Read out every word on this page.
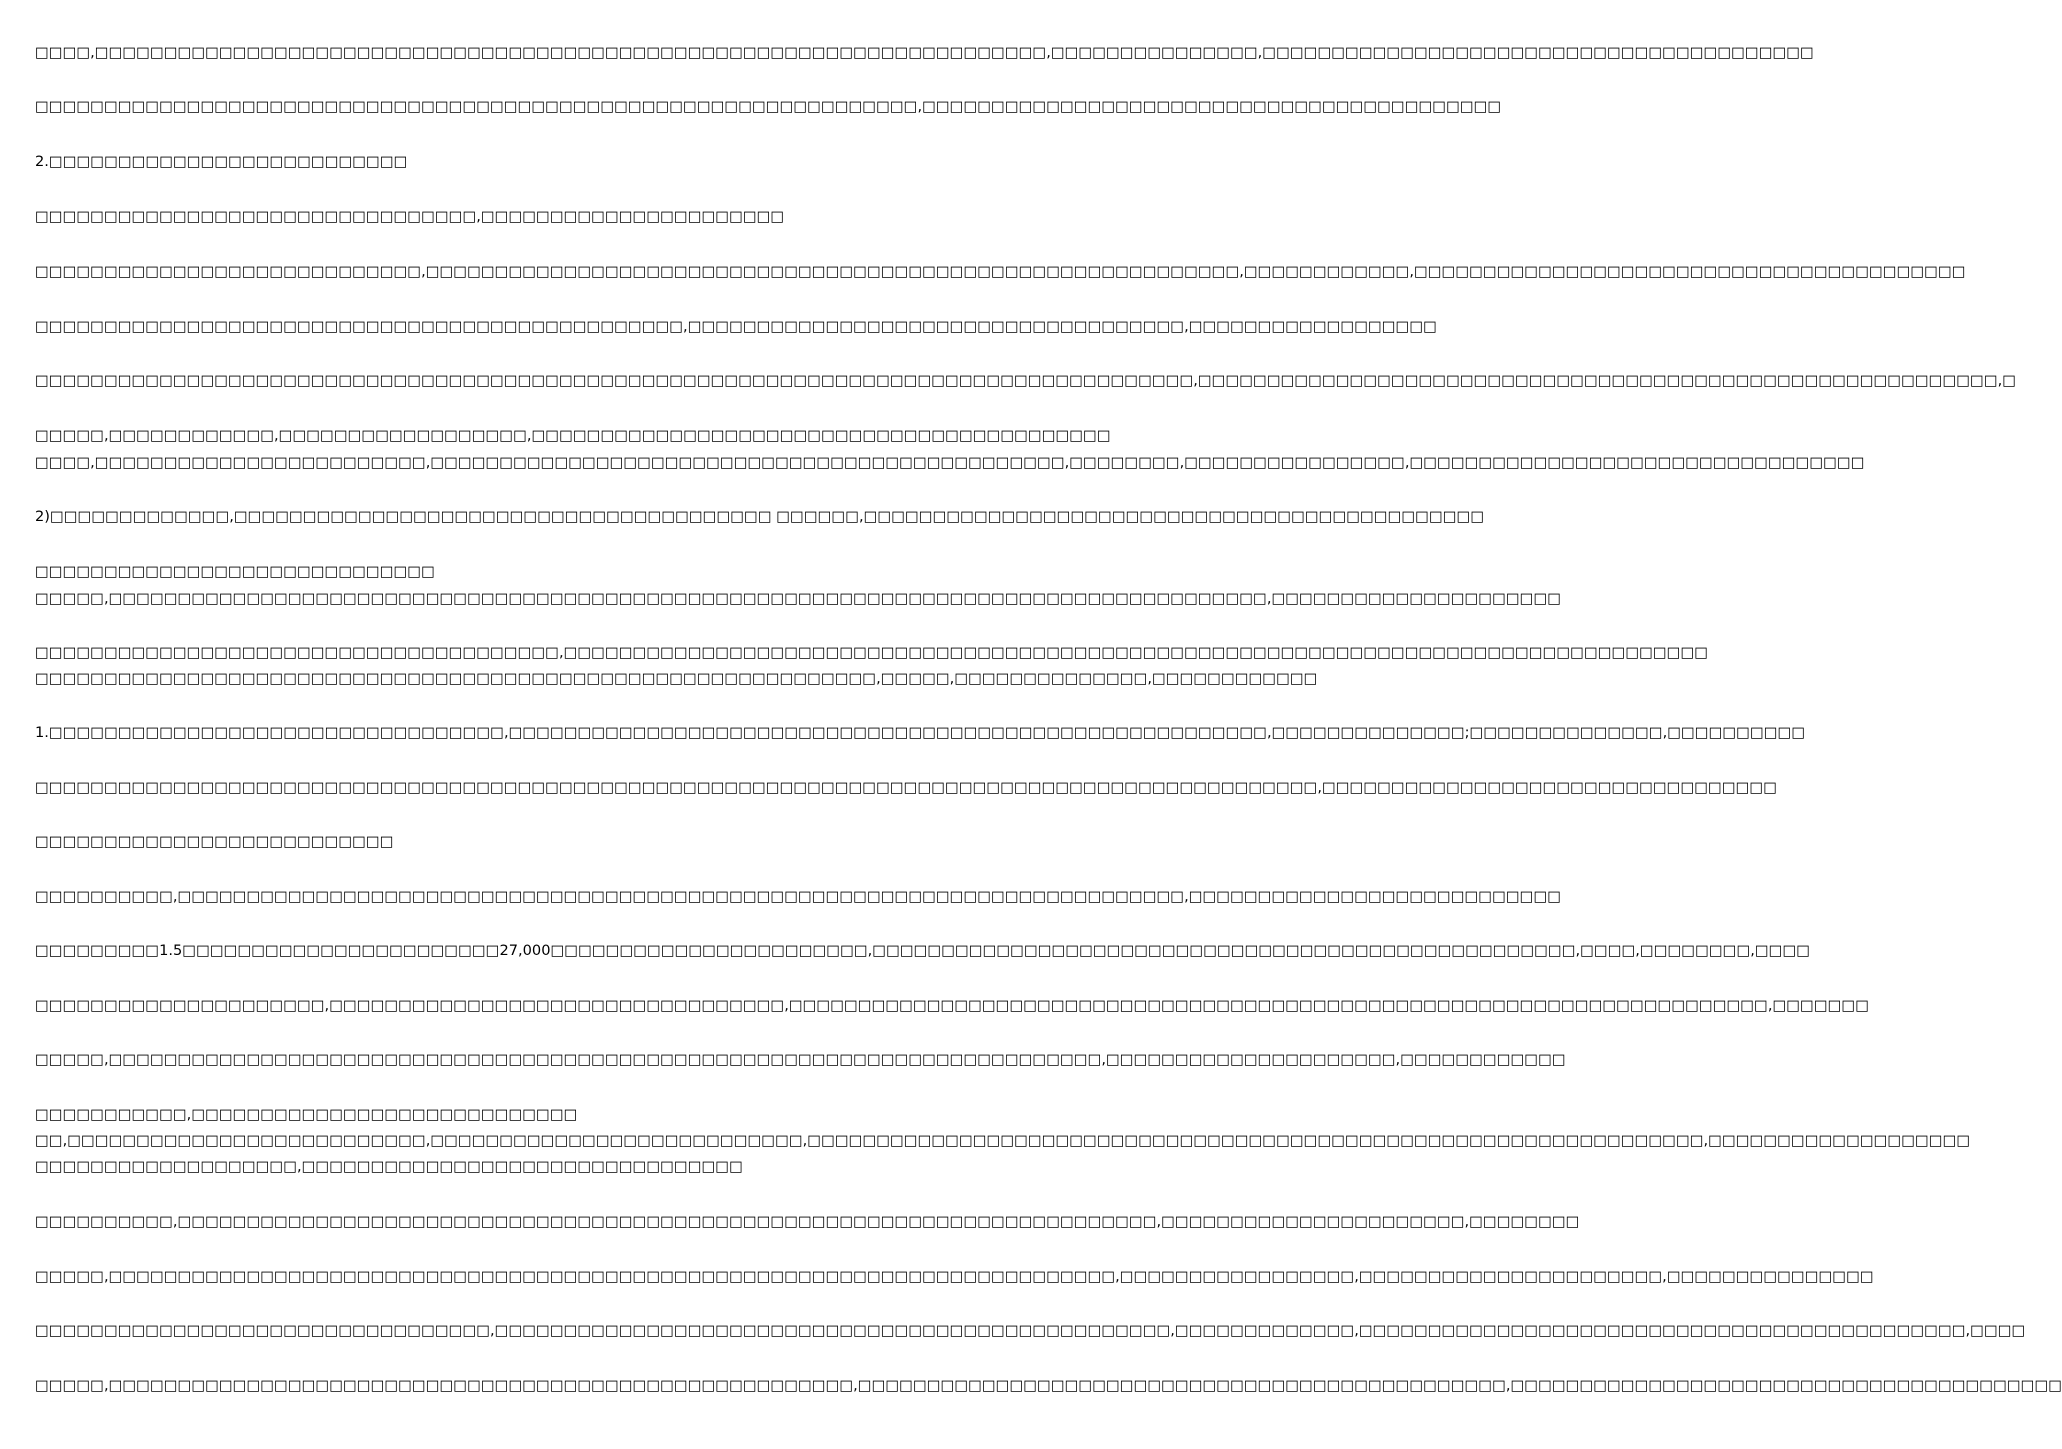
□□□□,□□□□□□□□□□□□□□□□□□□□□□□□□□□□□□□□□□□□□□□□□□□□□□□□□□□□□□□□□□□□□□□□□□□□□,□□□□□□□□□□□□□□□,□□□□□□□□□□□□□□□□□□□□□□□□□□□□□□□□□□□□□□□□
□□□□□□□□□□□□□□□□□□□□□□□□□□□□□□□□□□□□□□□□□□□□□□□□□□□□□□□□□□□□□□□□,□□□□□□□□□□□□□□□□□□□□□□□□□□□□□□□□□□□□□□□□□□
2.□□□□□□□□□□□□□□□□□□□□□□□□□□
□□□□□□□□□□□□□□□□□□□□□□□□□□□□□□□□,□□□□□□□□□□□□□□□□□□□□□□
□□□□□□□□□□□□□□□□□□□□□□□□□□□□,□□□□□□□□□□□□□□□□□□□□□□□□□□□□□□□□□□□□□□□□□□□□□□□□□□□□□□□□□□□,□□□□□□□□□□□□,□□□□□□□□□□□□□□□□□□□□□□□□□□□□□□□□□□□□□□□□
□□□□□□□□□□□□□□□□□□□□□□□□□□□□□□□□□□□□□□□□□□□□□□□,□□□□□□□□□□□□□□□□□□□□□□□□□□□□□□□□□□□□,□□□□□□□□□□□□□□□□□□
□□□□□□□□□□□□□□□□□□□□□□□□□□□□□□□□□□□□□□□□□□□□□□□□□□□□□□□□□□□□□□□□□□□□□□□□□□□□□□□□□□□□,□□□□□□□□□□□□□□□□□□□□□□□□□□□□□□□□□□□□□□□□□□□□□□□□□□□□□□□□□□,□
□□□□□,□□□□□□□□□□□□,□□□□□□□□□□□□□□□□□□,□□□□□□□□□□□□□□□□□□□□□□□□□□□□□□□□□□□□□□□□□□
□□□□,□□□□□□□□□□□□□□□□□□□□□□□□,□□□□□□□□□□□□□□□□□□□□□□□□□□□□□□□□□□□□□□□□□□□□□□,□□□□□□□□,□□□□□□□□□□□□□□□□,□□□□□□□□□□□□□□□□□□□□□□□□□□□□□□□□□
2)□□□□□□□□□□□□□,□□□□□□□□□□□□□□□□□□□□□□□□□□□□□□□□□□□□□□□ □□□□□□,□□□□□□□□□□□□□□□□□□□□□□□□□□□□□□□□□□□□□□□□□□□□□
□□□□□□□□□□□□□□□□□□□□□□□□□□□□□
□□□□□,□□□□□□□□□□□□□□□□□□□□□□□□□□□□□□□□□□□□□□□□□□□□□□□□□□□□□□□□□□□□□□□□□□□□□□□□□□□□□□□□□□□□,□□□□□□□□□□□□□□□□□□□□□
□□□□□□□□□□□□□□□□□□□□□□□□□□□□□□□□□□□□□□,□□□□□□□□□□□□□□□□□□□□□□□□□□□□□□□□□□□□□□□□□□□□□□□□□□□□□□□□□□□□□□□□□□□□□□□□□□□□□□□□□□□
□□□□□□□□□□□□□□□□□□□□□□□□□□□□□□□□□□□□□□□□□□□□□□□□□□□□□□□□□□□□□,□□□□□,□□□□□□□□□□□□□□,□□□□□□□□□□□□
1.□□□□□□□□□□□□□□□□□□□□□□□□□□□□□□□□□,□□□□□□□□□□□□□□□□□□□□□□□□□□□□□□□□□□□□□□□□□□□□□□□□□□□□□□□,□□□□□□□□□□□□□□;□□□□□□□□□□□□□□,□□□□□□□□□□
□□□□□□□□□□□□□□□□□□□□□□□□□□□□□□□□□□□□□□□□□□□□□□□□□□□□□□□□□□□□□□□□□□□□□□□□□□□□□□□□□□□□□□□□□□□□□,□□□□□□□□□□□□□□□□□□□□□□□□□□□□□□□□□
□□□□□□□□□□□□□□□□□□□□□□□□□□
□□□□□□□□□□,□□□□□□□□□□□□□□□□□□□□□□□□□□□□□□□□□□□□□□□□□□□□□□□□□□□□□□□□□□□□□□□□□□□□□□□□□,□□□□□□□□□□□□□□□□□□□□□□□□□□□
□□□□□□□□□1.5□□□□□□□□□□□□□□□□□□□□□□□27,000□□□□□□□□□□□□□□□□□□□□□□□,□□□□□□□□□□□□□□□□□□□□□□□□□□□□□□□□□□□□□□□□□□□□□□□□□□□,□□□□,□□□□□□□□,□□□□
□□□□□□□□□□□□□□□□□□□□□,□□□□□□□□□□□□□□□□□□□□□□□□□□□□□□□□□,□□□□□□□□□□□□□□□□□□□□□□□□□□□□□□□□□□□□□□□□□□□□□□□□□□□□□□□□□□□□□□□□□□□□□□□,□□□□□□□
□□□□□,□□□□□□□□□□□□□□□□□□□□□□□□□□□□□□□□□□□□□□□□□□□□□□□□□□□□□□□□□□□□□□□□□□□□□□□□,□□□□□□□□□□□□□□□□□□□□□,□□□□□□□□□□□□
□□□□□□□□□□□,□□□□□□□□□□□□□□□□□□□□□□□□□□□□
□□,□□□□□□□□□□□□□□□□□□□□□□□□□□,□□□□□□□□□□□□□□□□□□□□□□□□□□□,□□□□□□□□□□□□□□□□□□□□□□□□□□□□□□□□□□□□□□□□□□□□□□□□□□□□□□□□□□□□□□□□□,□□□□□□□□□□□□□□□□□□□
□□□□□□□□□□□□□□□□□□□,□□□□□□□□□□□□□□□□□□□□□□□□□□□□□□□□
□□□□□□□□□□,□□□□□□□□□□□□□□□□□□□□□□□□□□□□□□□□□□□□□□□□□□□□□□□□□□□□□□□□□□□□□□□□□□□□□□□,□□□□□□□□□□□□□□□□□□□□□□,□□□□□□□□
□□□□□,□□□□□□□□□□□□□□□□□□□□□□□□□□□□□□□□□□□□□□□□□□□□□□□□□□□□□□□□□□□□□□□□□□□□□□□□□,□□□□□□□□□□□□□□□□□,□□□□□□□□□□□□□□□□□□□□□□,□□□□□□□□□□□□□□□
□□□□□□□□□□□□□□□□□□□□□□□□□□□□□□□□□,□□□□□□□□□□□□□□□□□□□□□□□□□□□□□□□□□□□□□□□□□□□□□□□□□,□□□□□□□□□□□□□,□□□□□□□□□□□□□□□□□□□□□□□□□□□□□□□□□□□□□□□□□□□□,□□□□
□□□□□,□□□□□□□□□□□□□□□□□□□□□□□□□□□□□□□□□□□□□□□□□□□□□□□□□□□□□□,□□□□□□□□□□□□□□□□□□□□□□□□□□□□□□□□□□□□□□□□□□□□□□□,□□□□□□□□□□□□□□□□□□□□□□□□□□□□□□□□□□□□□□□□
